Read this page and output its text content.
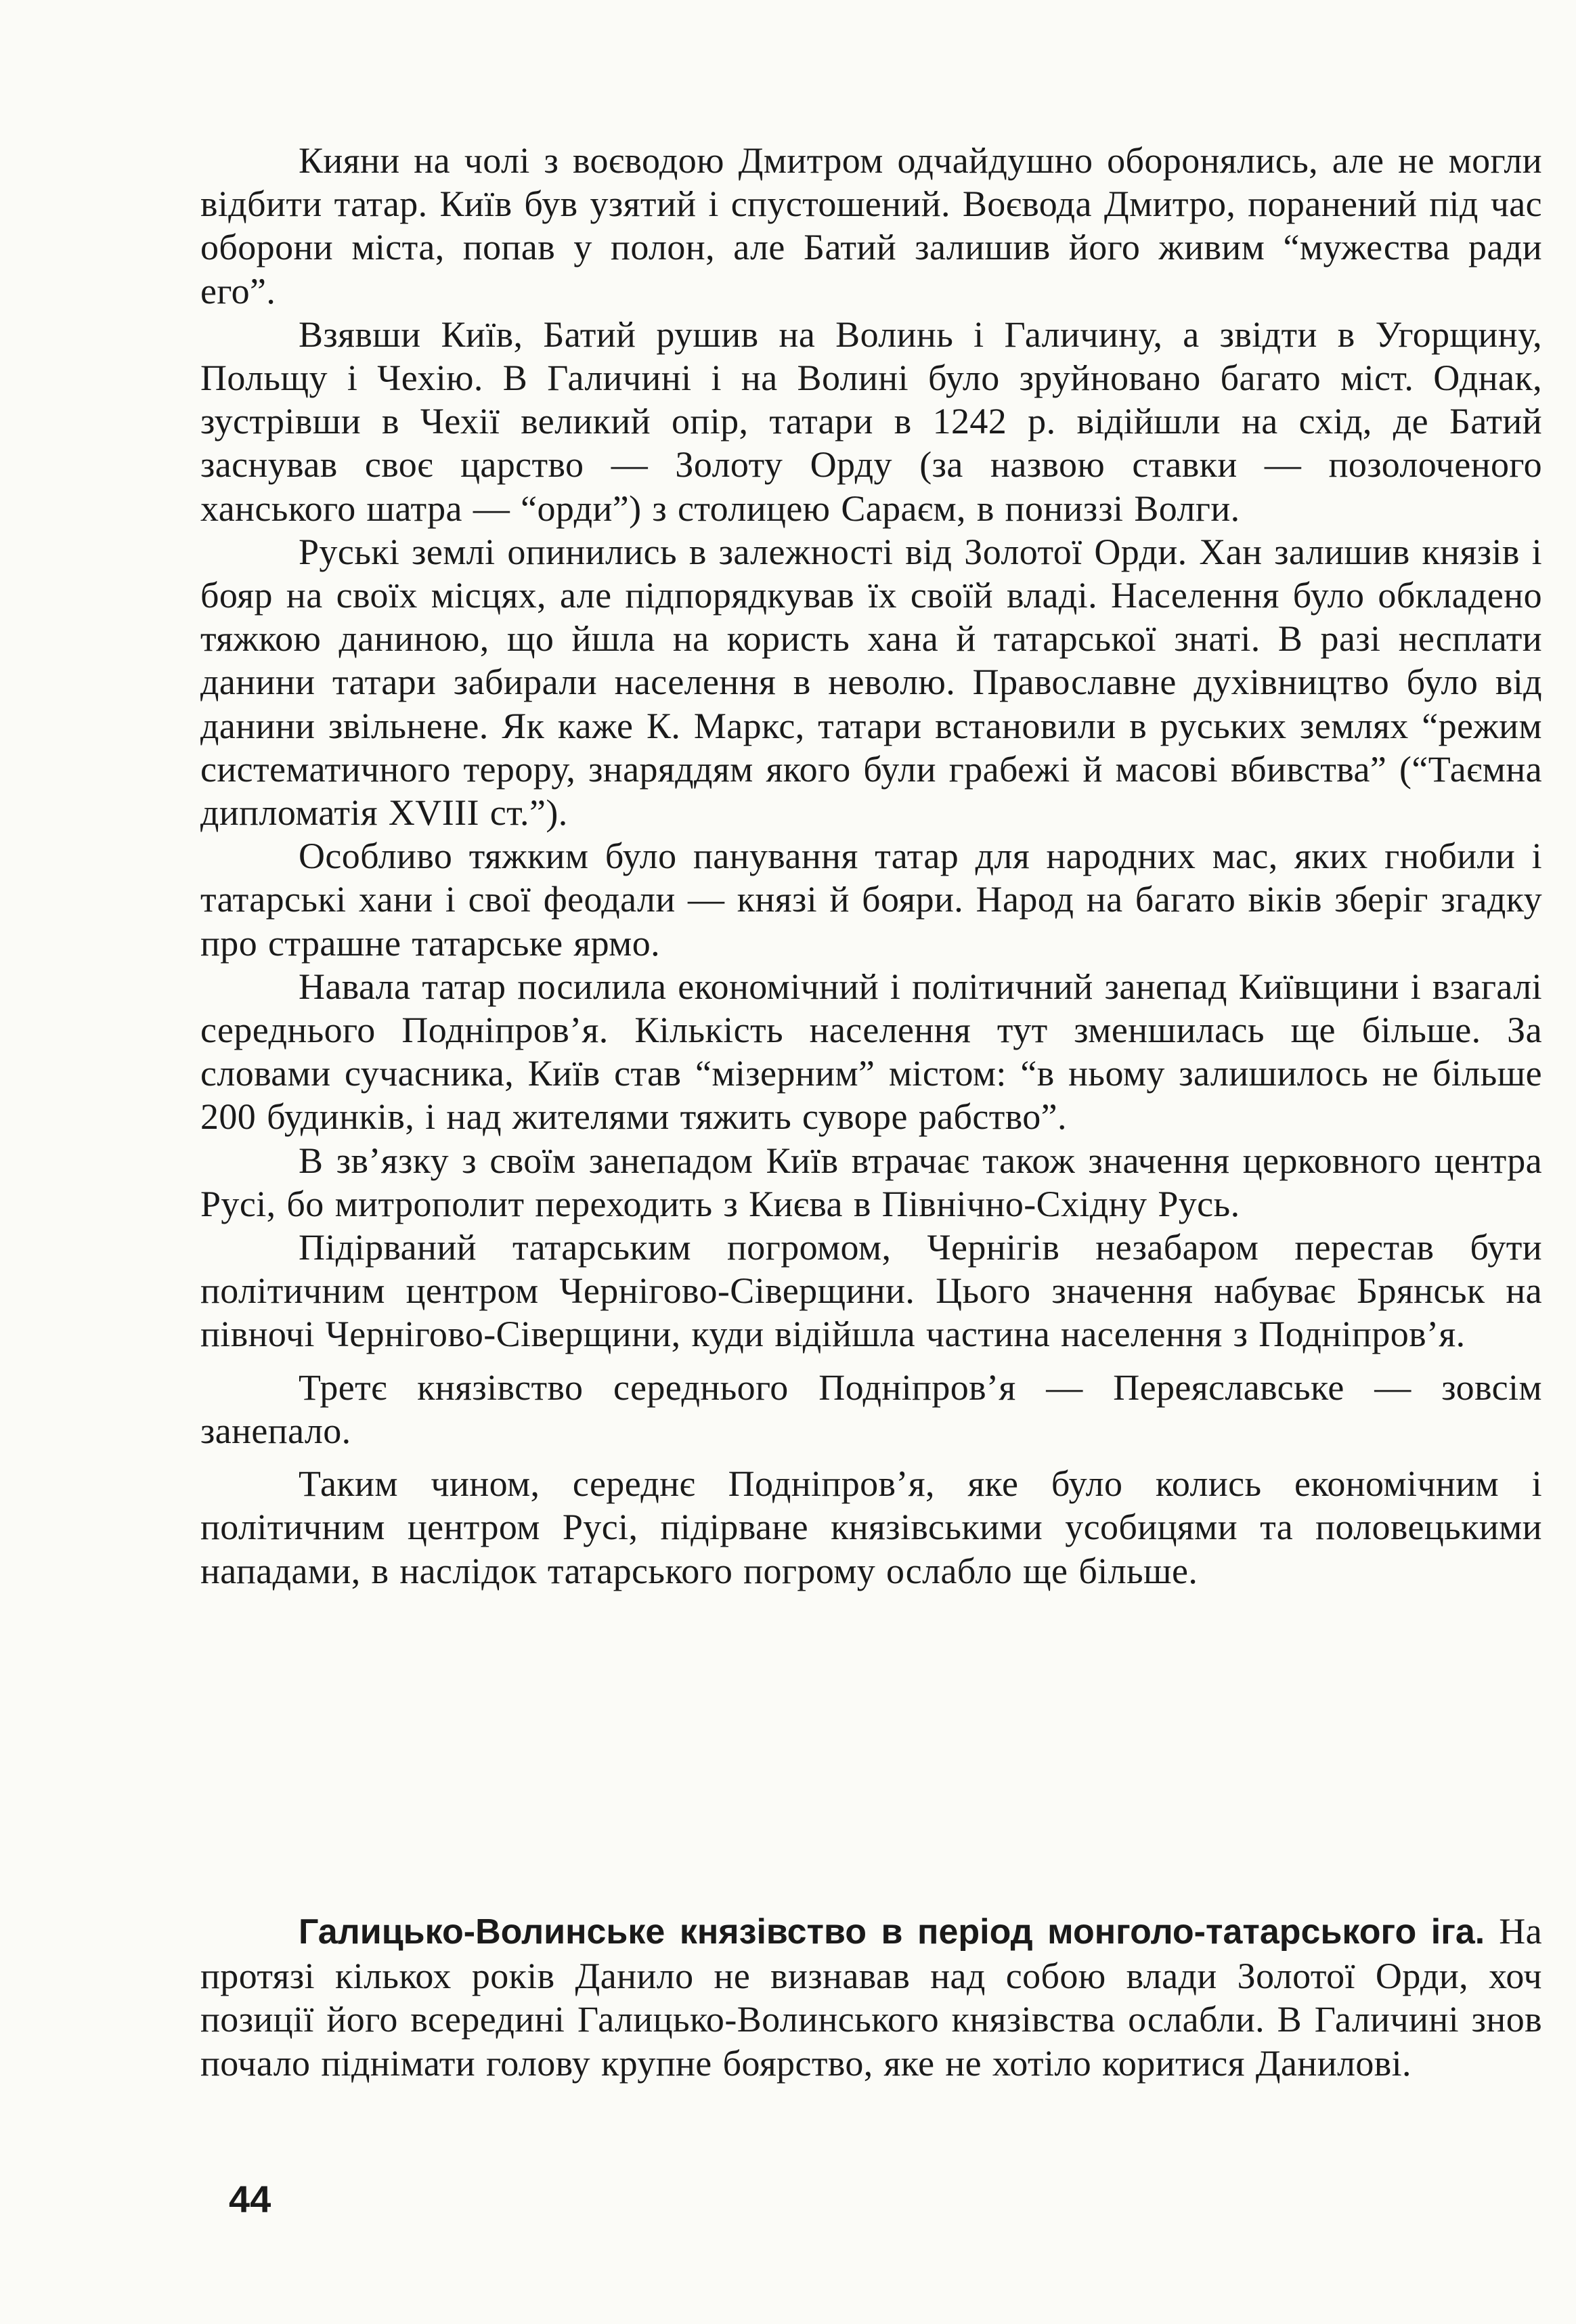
Кияни на чолі з воєводою Дмитром одчайдушно оборонялись, але не могли відбити татар. Київ був узятий і спустошений. Воєвода Дмитро, поранений під час оборони міста, попав у полон, але Батий залишив його живим “мужества ради его”.

Взявши Київ, Батий рушив на Волинь і Галичину, а звідти в Угорщину, Польщу і Чехію. В Галичині і на Волині було зруйновано багато міст. Однак, зустрівши в Чехії великий опір, татари в 1242 р. відійшли на схід, де Батий заснував своє царство — Золоту Орду (за назвою ставки — позолоченого ханського шатра — “орди”) з столицею Сараєм, в пониззі Волги.

Руські землі опинились в залежності від Золотої Орди. Хан залишив князів і бояр на своїх місцях, але підпорядкував їх своїй владі. Населення було обкладено тяжкою даниною, що йшла на користь хана й татарської знаті. В разі несплати данини татари забирали населення в неволю. Православне духівництво було від данини звільнене. Як каже К. Маркс, татари встановили в руських землях “режим систематичного терору, знаряддям якого були грабежі й масові вбивства” (“Таємна дипломатія XVIII ст.”).

Особливо тяжким було панування татар для народних мас, яких гнобили і татарські хани і свої феодали — князі й бояри. Народ на багато віків зберіг згадку про страшне татарське ярмо.

Навала татар посилила економічний і політичний занепад Київщини і взагалі середнього Подніпров’я. Кількість населення тут зменшилась ще більше. За словами сучасника, Київ став “мізерним” містом: “в ньому залишилось не більше 200 будинків, і над жителями тяжить суворе рабство”.

В зв’язку з своїм занепадом Київ втрачає також значення церковного центра Русі, бо митрополит переходить з Києва в Північно-Східну Русь.

Підірваний татарським погромом, Чернігів незабаром перестав бути політичним центром Чернігово-Сіверщини. Цього значення набуває Брянськ на півночі Чернігово-Сіверщини, куди відійшла частина населення з Подніпров’я.

Третє князівство середнього Подніпров’я — Переяславське — зовсім занепало.

Таким чином, середнє Подніпров’я, яке було колись економічним і політичним центром Русі, підірване князівськими усобицями та половецькими нападами, в наслідок татарського погрому ослабло ще більше.

Галицько-Волинське князівство в період монголо-татарського іга. На протязі кількох років Данило не визнавав над собою влади Золотої Орди, хоч позиції його всередині Галицько-Волинського князівства ослабли. В Галичині знов почало піднімати голову крупне боярство, яке не хотіло коритися Данилові.

44
